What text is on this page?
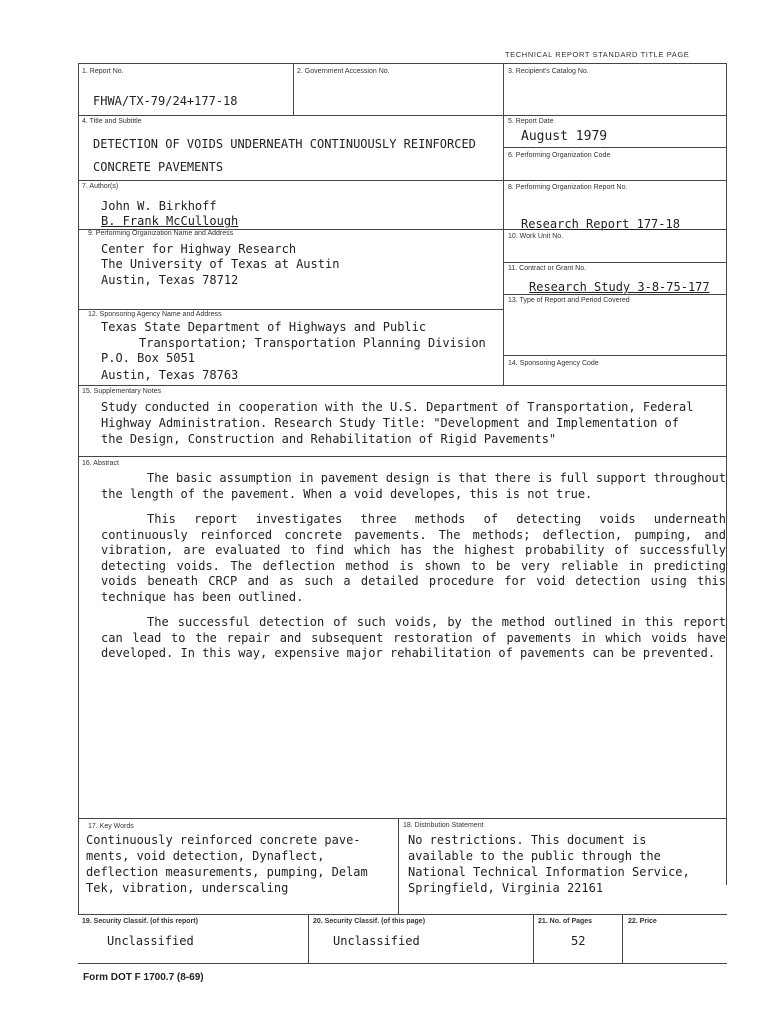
TECHNICAL REPORT STANDARD TITLE PAGE
1. Report No.
FHWA/TX-79/24+177-18
2. Government Accession No.	3. Recipient's Catalog No.
4. Title and Subtitle
DETECTION OF VOIDS UNDERNEATH CONTINUOUSLY REINFORCED
CONCRETE PAVEMENTS
5. Report Date
August 1979
6. Performing Organization Code
7. Author(s)
John W. Birkhoff
B. Frank McCullough
8. Performing Organization Report No.
Research Report 177-18
9. Performing Organization Name and Address
Center for Highway Research
The University of Texas at Austin
Austin, Texas 78712
10. Work Unit No.
11. Contract or Grant No.
Research Study 3-8-75-177
12. Sponsoring Agency Name and Address
Texas State Department of Highways and Public
Transportation; Transportation Planning Division
P.O. Box 5051
Austin, Texas 78763
13. Type of Report and Period Covered
14. Sponsoring Agency Code
15. Supplementary Notes
Study conducted in cooperation with the U.S. Department of Transportation, Federal
Highway Administration. Research Study Title: "Development and Implementation of
the Design, Construction and Rehabilitation of Rigid Pavements"
16. Abstract
The basic assumption in pavement design is that there is full support throughout the length of the pavement. When a void developes, this is not true.
This report investigates three methods of detecting voids underneath continuously reinforced concrete pavements. The methods; deflection, pumping, and vibration, are evaluated to find which has the highest probability of successfully detecting voids. The deflection method is shown to be very reliable in predicting voids beneath CRCP and as such a detailed procedure for void detection using this technique has been outlined.
The successful detection of such voids, by the method outlined in this report can lead to the repair and subsequent restoration of pavements in which voids have developed. In this way, expensive major rehabilitation of pavements can be prevented.
17. Key Words
Continuously reinforced concrete pave-
ments, void detection, Dynaflect,
deflection measurements, pumping, Delam
Tek, vibration, underscaling
18. Distribution Statement
No restrictions. This document is
available to the public through the
National Technical Information Service,
Springfield, Virginia 22161
19. Security Classif. (of this report)
Unclassified
20. Security Classif. (of this page)
Unclassified
21. No. of Pages
52
22. Price
Form DOT F 1700.7 (8-69)
